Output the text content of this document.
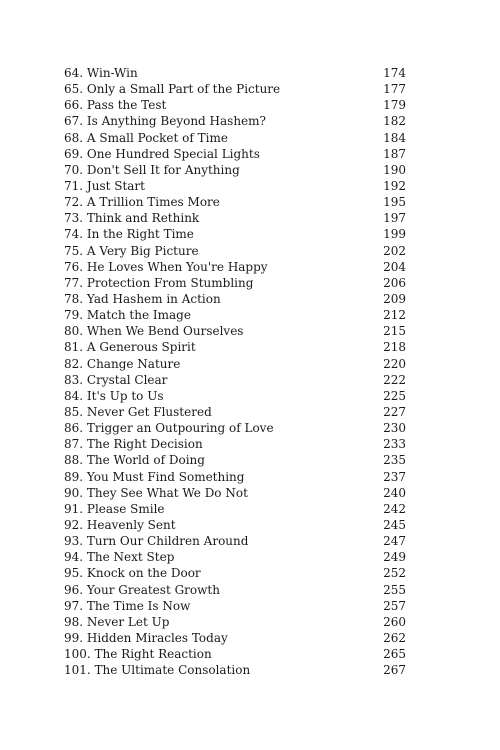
64. Win-Win	174
65. Only a Small Part of the Picture	177
66. Pass the Test	179
67. Is Anything Beyond Hashem?	182
68. A Small Pocket of Time	184
69. One Hundred Special Lights	187
70. Don't Sell It for Anything	190
71. Just Start	192
72. A Trillion Times More	195
73. Think and Rethink	197
74. In the Right Time	199
75. A Very Big Picture	202
76. He Loves When You're Happy	204
77. Protection From Stumbling	206
78. Yad Hashem in Action	209
79. Match the Image	212
80. When We Bend Ourselves	215
81. A Generous Spirit	218
82. Change Nature	220
83. Crystal Clear	222
84. It's Up to Us	225
85. Never Get Flustered	227
86. Trigger an Outpouring of Love	230
87. The Right Decision	233
88. The World of Doing	235
89. You Must Find Something	237
90. They See What We Do Not	240
91. Please Smile	242
92. Heavenly Sent	245
93. Turn Our Children Around	247
94. The Next Step	249
95. Knock on the Door	252
96. Your Greatest Growth	255
97. The Time Is Now	257
98. Never Let Up	260
99. Hidden Miracles Today	262
100. The Right Reaction	265
101. The Ultimate Consolation	267
